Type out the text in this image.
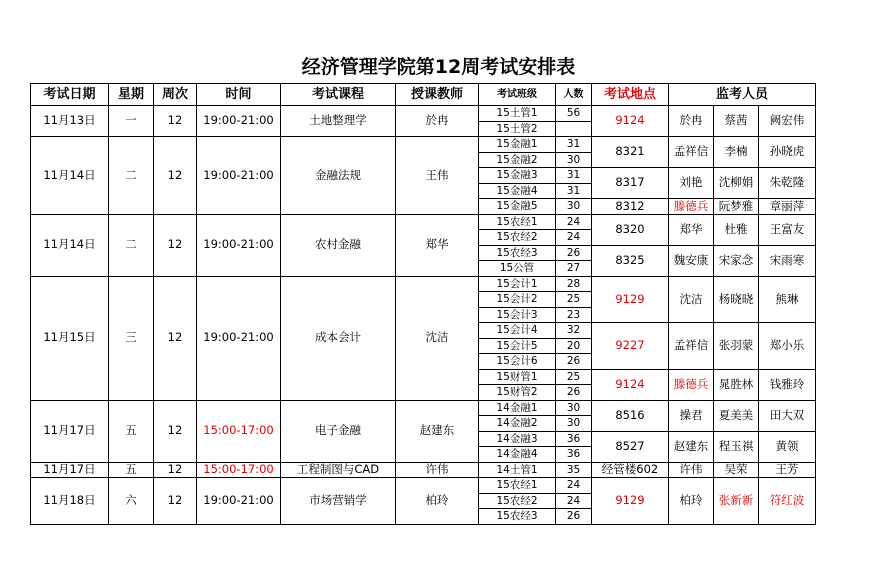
经济管理学院第12周考试安排表
考试日期	星期	周次	时间	考试课程	授课教师	考试班级	人数	考试地点	监考人员		
11月13日	一	12	19:00-21:00	土地整理学	於冉	15土管1	56	9124	於冉	蔡茜	阙宏伟
						15土管2					
11月14日	二	12	19:00-21:00	金融法规	王伟	15金融1	31	8321	孟祥信	李楠	孙晓虎
						15金融2	30				
						15金融3	31	8317	刘艳	沈柳娟	朱乾隆
						15金融4	31				
						15金融5	30	8312	滕德兵	阮梦雅	章丽萍
11月14日	二	12	19:00-21:00	农村金融	郑华	15农经1	24	8320	郑华	杜雅	王富友
						15农经2	24				
						15农经3	26	8325	魏安康	宋家念	宋雨寒
						15公管	27				
11月15日	三	12	19:00-21:00	成本会计	沈洁	15会计1	28	9129	沈洁	杨晓晓	熊琳
						15会计2	25				
						15会计3	23				
						15会计4	32	9227	孟祥信	张羽蒙	郑小乐
						15会计5	20				
						15会计6	26				
						15财管1	25	9124	滕德兵	晁胜林	钱雅玲
						15财管2	26				
11月17日	五	12	15:00-17:00	电子金融	赵建东	14金融1	30	8516	操君	夏美美	田大双
						14金融2	30				
						14金融3	36	8527	赵建东	程玉祺	黄领
						14金融4	36				
11月17日	五	12	15:00-17:00	工程制图与CAD	许伟	14土管1	35	经管楼602	许伟	吴荣	王芳
11月18日	六	12	19:00-21:00	市场营销学	柏玲	15农经1	24	9129	柏玲	张新新	符红波
						15农经2	24				
						15农经3	26				
